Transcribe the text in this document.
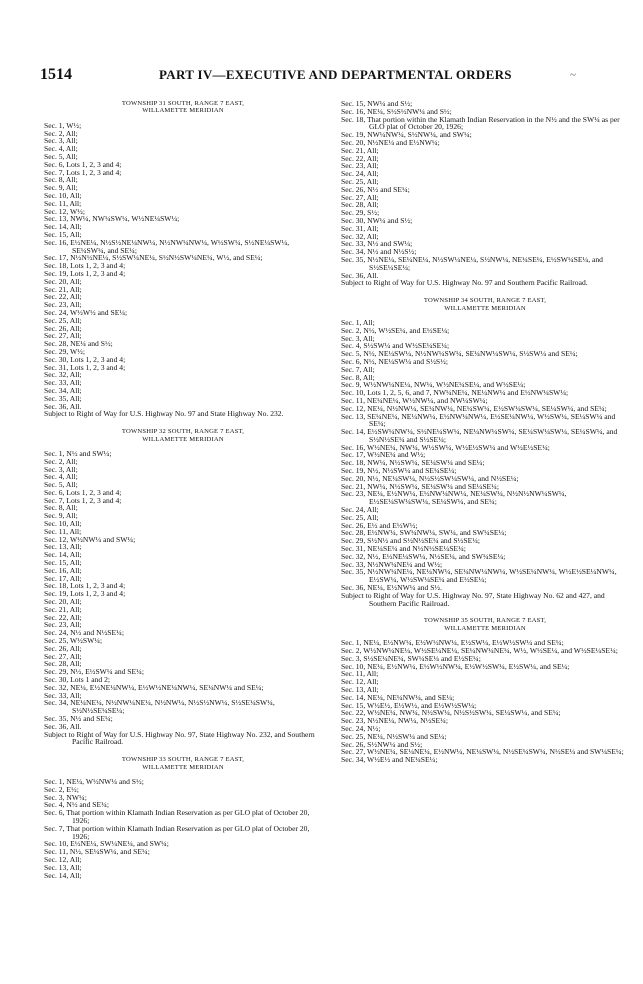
1514	PART IV—EXECUTIVE AND DEPARTMENTAL ORDERS	~
TOWNSHIP 31 SOUTH, RANGE 7 EAST,
WILLAMETTE MERIDIAN
Sec. 1, W½;
Sec. 2, All;
Sec. 3, All;
Sec. 4, All;
Sec. 5, All;
Sec. 6, Lots 1, 2, 3 and 4;
Sec. 7, Lots 1, 2, 3 and 4;
Sec. 8, All;
Sec. 9, All;
Sec. 10, All;
Sec. 11, All;
Sec. 12, W½;
Sec. 13, NW¼, NW¼SW¼, W½NE¼SW¼;
Sec. 14, All;
Sec. 15, All;
Sec. 16, E½NE¼, N½S½NE¼NW¼, N½NW¼NW¼, W½SW¼, S½NE¼SW¼, SE¼SW¼, and SE¼;
Sec. 17, N½N½NE¼, S½SW¼NE¼, S½N½SW¼NE¼, W½, and SE¼;
Sec. 18, Lots 1, 2, 3 and 4;
Sec. 19, Lots 1, 2, 3 and 4;
Sec. 20, All;
Sec. 21, All;
Sec. 22, All;
Sec. 23, All;
Sec. 24, W½W½ and SE¼;
Sec. 25, All;
Sec. 26, All;
Sec. 27, All;
Sec. 28, NE¼ and S½;
Sec. 29, W½;
Sec. 30, Lots 1, 2, 3 and 4;
Sec. 31, Lots 1, 2, 3 and 4;
Sec. 32, All;
Sec. 33, All;
Sec. 34, All;
Sec. 35, All;
Sec. 36, All.
Subject to Right of Way for U.S. Highway No. 97 and State Highway No. 232.
TOWNSHIP 32 SOUTH, RANGE 7 EAST,
WILLAMETTE MERIDIAN
Sec. 1, N½ and SW¼;
Sec. 2, All;
Sec. 3, All;
Sec. 4, All;
Sec. 5, All;
Sec. 6, Lots 1, 2, 3 and 4;
Sec. 7, Lots 1, 2, 3 and 4;
Sec. 8, All;
Sec. 9, All;
Sec. 10, All;
Sec. 11, All;
Sec. 12, W½NW¼ and SW¼;
Sec. 13, All;
Sec. 14, All;
Sec. 15, All;
Sec. 16, All;
Sec. 17, All;
Sec. 18, Lots 1, 2, 3 and 4;
Sec. 19, Lots 1, 2, 3 and 4;
Sec. 20, All;
Sec. 21, All;
Sec. 22, All;
Sec. 23, All;
Sec. 24, N½ and N½SE¼;
Sec. 25, W½SW¼;
Sec. 26, All;
Sec. 27, All;
Sec. 28, All;
Sec. 29, N½, E½SW¼ and SE¼;
Sec. 30, Lots 1 and 2;
Sec. 32, NE¼, E½NE¼NW¼, E½W½NE¼NW¼, SE¼NW¼ and SE¼;
Sec. 33, All;
Sec. 34, NE¼NE¼, N½NW¼NE¼, N½NW¼, N½S½NW¼, S½SE¼SW¼, S½N½SE¼SE¼;
Sec. 35, N½ and SE¼;
Sec. 36, All.
Subject to Right of Way for U.S. Highway No. 97, State Highway No. 232, and Southern Pacific Railroad.
TOWNSHIP 33 SOUTH, RANGE 7 EAST,
WILLAMETTE MERIDIAN
Sec. 1, NE¼, W½NW¼ and S½;
Sec. 2, E½;
Sec. 3, NW¼;
Sec. 4, N½ and SE¼;
Sec. 6, That portion within Klamath Indian Reservation as per GLO plat of October 20, 1926;
Sec. 7, That portion within Klamath Indian Reservation as per GLO plat of October 20, 1926;
Sec. 10, E½NE¼, SW¼NE¼, and SW¼;
Sec. 11, N½, SE¼SW¼, and SE¼;
Sec. 12, All;
Sec. 13, All;
Sec. 14, All;
Sec. 15, NW¼ and S½;
Sec. 16, NE¼, S½S½NW¼ and S½;
Sec. 18, That portion within the Klamath Indian Reservation in the N½ and the SW¼ as per GLO plat of October 20, 1926;
Sec. 19, NW¼NW¼, S½NW¼, and SW¼;
Sec. 20, N½NE¼ and E½NW¼;
Sec. 21, All;
Sec. 22, All;
Sec. 23, All;
Sec. 24, All;
Sec. 25, All;
Sec. 26, N½ and SE¼;
Sec. 27, All;
Sec. 28, All;
Sec. 29, S½;
Sec. 30, NW¼ and S½;
Sec. 31, All;
Sec. 32, All;
Sec. 33, N½ and SW¼;
Sec. 34, N½ and N½S½;
Sec. 35, N½NE¼, SE¼NE¼, N½SW¼NE¼, S½NW¼, NE¼SE¼, E½SW¼SE¼, and S½SE¼SE¼;
Sec. 36, All.
Subject to Right of Way for U.S. Highway No. 97 and Southern Pacific Railroad.
TOWNSHIP 34 SOUTH, RANGE 7 EAST,
WILLAMETTE MERIDIAN
Sec. 1, All;
Sec. 2, N½, W½SE¼, and E½SE¼;
Sec. 3, All;
Sec. 4, S½SW¼ and W½SE¼SE¼;
Sec. 5, N½, NE¼SW¼, N½NW¼SW¼, SE¼NW¼SW¼, S½SW¼ and SE¼;
Sec. 6, N½, NE¼SW¼ and S½S½;
Sec. 7, All;
Sec. 8, All;
Sec. 9, W½NW¼NE¼, NW¼, W½NE¼SE¼, and W½SE¼;
Sec. 10, Lots 1, 2, 5, 6, and 7, NW¼NE¼, NE¼NW¼ and E½NW¼SW¼;
Sec. 11, NE¼NE¼, W½NW¼, and NW¼SW¼;
Sec. 12, NE¼, N½NW¼, SE¼NW¼, NE¼SW¼, E½SW¼SW¼, SE¼SW¼, and SE¼;
Sec. 13, SE¼NE¼, NE¼NW¼, E½NW¼NW¼, E½SE¼NW¼, W½SW¼, SE¼SW¼ and SE¼;
Sec. 14, E½SW¼NW¼, S½NE¼SW¼, NE¼NW¼SW¼, SE¼SW¼SW¼, SE¼SW¼, and S½N½SE¼ and S½SE¼;
Sec. 16, W½NE¼, NW¼, W½SW¼, W½E½SW¼ and W½E½SE¼;
Sec. 17, W½NE¼ and W½;
Sec. 18, NW¼, N½SW¼, SE¼SW¼ and SE¼;
Sec. 19, N½, N½SW¼ and SE¼SE¼;
Sec. 20, N½, NE¼SW¼, N½S½SW¼SW¼, and N½SE¼;
Sec. 21, NW¼, N½SW¼, SE¼SW¼ and SE¼SE¼;
Sec. 23, NE¼, E½NW¼, E½NW¼NW¼, NE¼SW¼, N½N½NW¼SW¼, E½SE¼SW¼SW¼, SE¼SW¼, and SE¼;
Sec. 24, All;
Sec. 25, All;
Sec. 26, E½ and E½W½;
Sec. 28, E½NW¼, SW¼NW¼, SW¼, and SW¼SE¼;
Sec. 29, S½N½ and S½N½SE¼ and S½SE¼;
Sec. 31, NE¼SE¼ and N½N½SE¼SE¼;
Sec. 32, N½, E½NE¼SW¼, N½SE¼, and SW¼SE¼;
Sec. 33, N½NW¼NE¼ and W½;
Sec. 35, N½NW¼NE¼, NE¼NW¼, SE¼NW¼NW¼, W½SE¼NW¼, W½E½SE¼NW¼, E½SW¼, W½SW¼SE¼ and E½SE¼;
Sec. 36, NE¼, E½NW¼ and S½.
Subject to Right of Way for U.S. Highway No. 97, State Highway No. 62 and 427, and Southern Pacific Railroad.
TOWNSHIP 35 SOUTH, RANGE 7 EAST,
WILLAMETTE MERIDIAN
Sec. 1, NE¼, E½NW¼, E½W½NW¼, E½SW¼, E½W½SW¼ and SE¼;
Sec. 2, W½NW¼NE¼, W½SE¼NE¼, SE¼NW¼NE¼, W½, W½SE¼, and W½SE¼SE¼;
Sec. 3, S½SE¼NE¼, SW¼SE¼ and E½SE¼;
Sec. 10, NE¼, E½NW¼, E½W½NW¼, E½W½SW¼, E½SW¼, and SE¼;
Sec. 11, All;
Sec. 12, All;
Sec. 13, All;
Sec. 14, NE¼, NE¼NW¼, and SE¼;
Sec. 15, W½E½, E½W½, and E½W½SW¼;
Sec. 22, W½NE¼, NW¼, N½SW¼, N½S½SW¼, SE¼SW¼, and SE¼;
Sec. 23, N½NE¼, NW¼, N½SE¼;
Sec. 24, N½;
Sec. 25, NE¼, N½SW¼ and SE¼;
Sec. 26, S½NW¼ and S½;
Sec. 27, W½NE¼, SE¼NE¼, E½NW¼, NE¼SW¼, N½SE¼SW¼, N½SE¼ and SW¼SE¼;
Sec. 34, W½E½ and NE¼SE¼;
